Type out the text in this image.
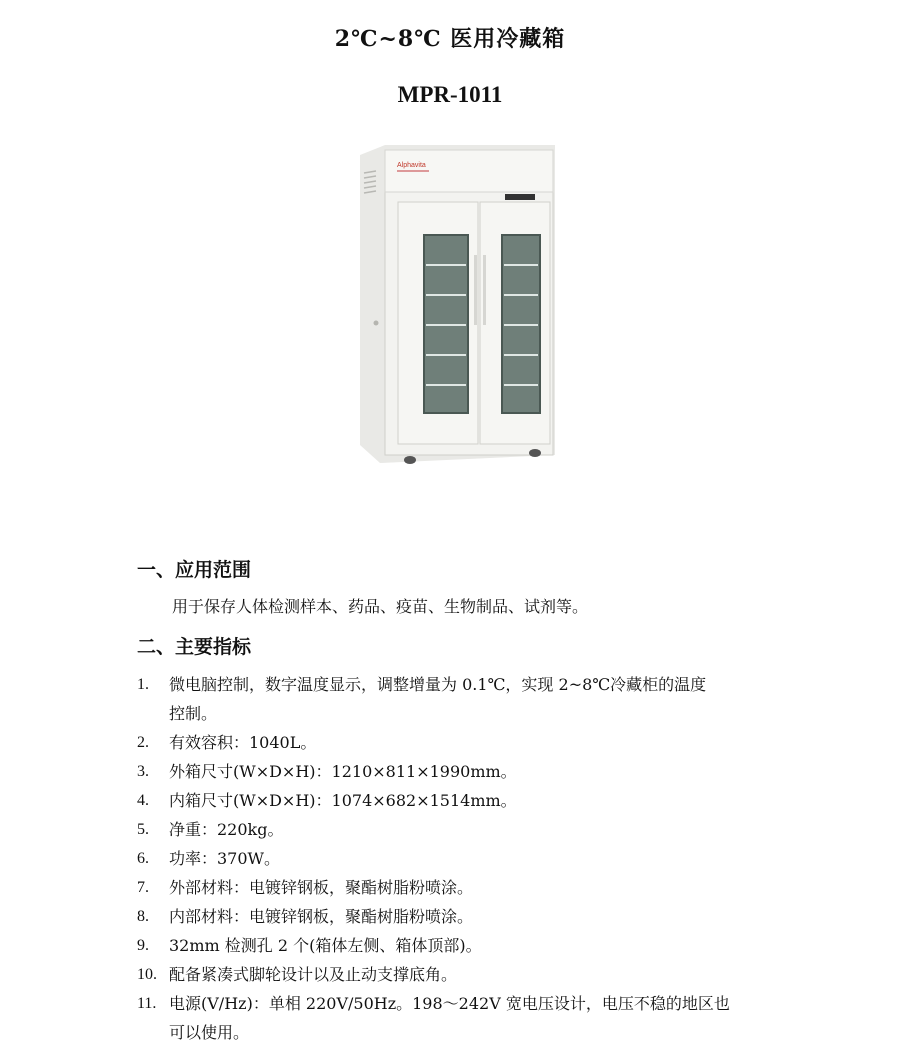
2℃~8℃ 医用冷藏箱
MPR-1011
Alphavita
一、应用范围
用于保存人体检测样本、药品、疫苗、生物制品、试剂等。
二、主要指标
1. 微电脑控制，数字温度显示，调整增量为 0.1℃，实现 2~8℃冷藏柜的温度
控制。
2. 有效容积：1040L。
3. 外箱尺寸(W×D×H)：1210×811×1990mm。
4. 内箱尺寸(W×D×H)：1074×682×1514mm。
5. 净重：220kg。
6. 功率：370W。
7. 外部材料：电镀锌钢板，聚酯树脂粉喷涂。
8. 内部材料：电镀锌钢板，聚酯树脂粉喷涂。
9. 32mm 检测孔 2 个(箱体左侧、箱体顶部)。
10. 配备紧凑式脚轮设计以及止动支撑底角。
11. 电源(V/Hz)：单相 220V/50Hz。198～242V 宽电压设计，电压不稳的地区也
可以使用。
